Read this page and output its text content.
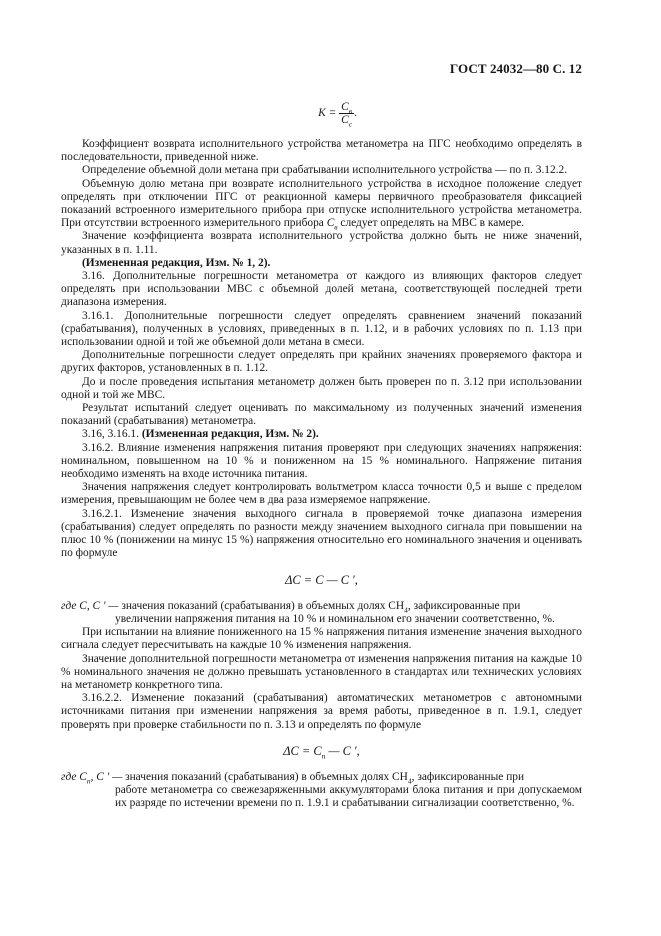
ГОСТ 24032—80 С. 12
$K = \frac{C_в}{C_с}$ .

Коэффициент возврата исполнительного устройства метанометра на ПГС необходимо определять в последовательности, приведенной ниже.

Определение объемной доли метана при срабатывании исполнительного устройства — по п. 3.12.2.

Объемную долю метана при возврате исполнительного устройства в исходное положение следует определять при отключении ПГС от реакционной камеры первичного преобразователя фиксацией показаний встроенного измерительного прибора при отпуске исполнительного устройства метанометра. При отсутствии встроенного измерительного прибора $C_в$ следует определять на МВС в камере.

Значение коэффициента возврата исполнительного устройства должно быть не ниже значений, указанных в п. 1.11.

(Измененная редакция, Изм. № 1, 2).

3.16. Дополнительные погрешности метанометра от каждого из влияющих факторов следует определять при использовании МВС с объемной долей метана, соответствующей последней трети диапазона измерения.

3.16.1. Дополнительные погрешности следует определять сравнением значений показаний (срабатывания), полученных в условиях, приведенных в п. 1.12, и в рабочих условиях по п. 1.13 при использовании одной и той же объемной доли метана в смеси.

Дополнительные погрешности следует определять при крайних значениях проверяемого фактора и других факторов, установленных в п. 1.12.

До и после проведения испытания метанометр должен быть проверен по п. 3.12 при использовании одной и той же МВС.

Результат испытаний следует оценивать по максимальному из полученных значений изменения показаний (срабатывания) метанометра.

3.16, 3.16.1. (Измененная редакция, Изм. № 2).

3.16.2. Влияние изменения напряжения питания проверяют при следующих значениях напряжения: номинальном, повышенном на 10 % и пониженном на 15 % номинального. Напряжение питания необходимо изменять на входе источника питания.

Значения напряжения следует контролировать вольтметром класса точности 0,5 и выше с пределом измерения, превышающим не более чем в два раза измеряемое напряжение.

3.16.2.1. Изменение значения выходного сигнала в проверяемой точке диапазона измерения (срабатывания) следует определять по разности между значением выходного сигнала при повышении на плюс 10 % (понижении на минус 15 %) напряжения относительно его номинального значения и оценивать по формуле

ΔC = C — C ′,
где C, C ′ — значения показаний (срабатывания) в объемных долях $СН_4$, зафиксированные при
увеличении напряжения питания на 10 % и номинальном его значении соответственно, %.

При испытании на влияние пониженного на 15 % напряжения питания изменение значения выходного сигнала следует пересчитывать на каждые 10 % изменения напряжения.

Значение дополнительной погрешности метанометра от изменения напряжения питания на каждые 10 % номинального значения не должно превышать установленного в стандартах или технических условиях на метанометр конкретного типа.

3.16.2.2. Изменение показаний (срабатывания) автоматических метанометров с автономными источниками питания при изменении напряжения за время работы, приведенное в п. 1.9.1, следует проверять при проверке стабильности по п. 3.13 и определять по формуле

$\Delta C = C_п$ — C ′,
где $C_п$, C ′ — значения показаний (срабатывания) в объемных долях $СН_4$, зафиксированные при
работе метанометра со свежезаряженными аккумуляторами блока питания и при допускаемом их разряде по истечении времени по п. 1.9.1 и срабатывании сигнализации соответственно, %.
